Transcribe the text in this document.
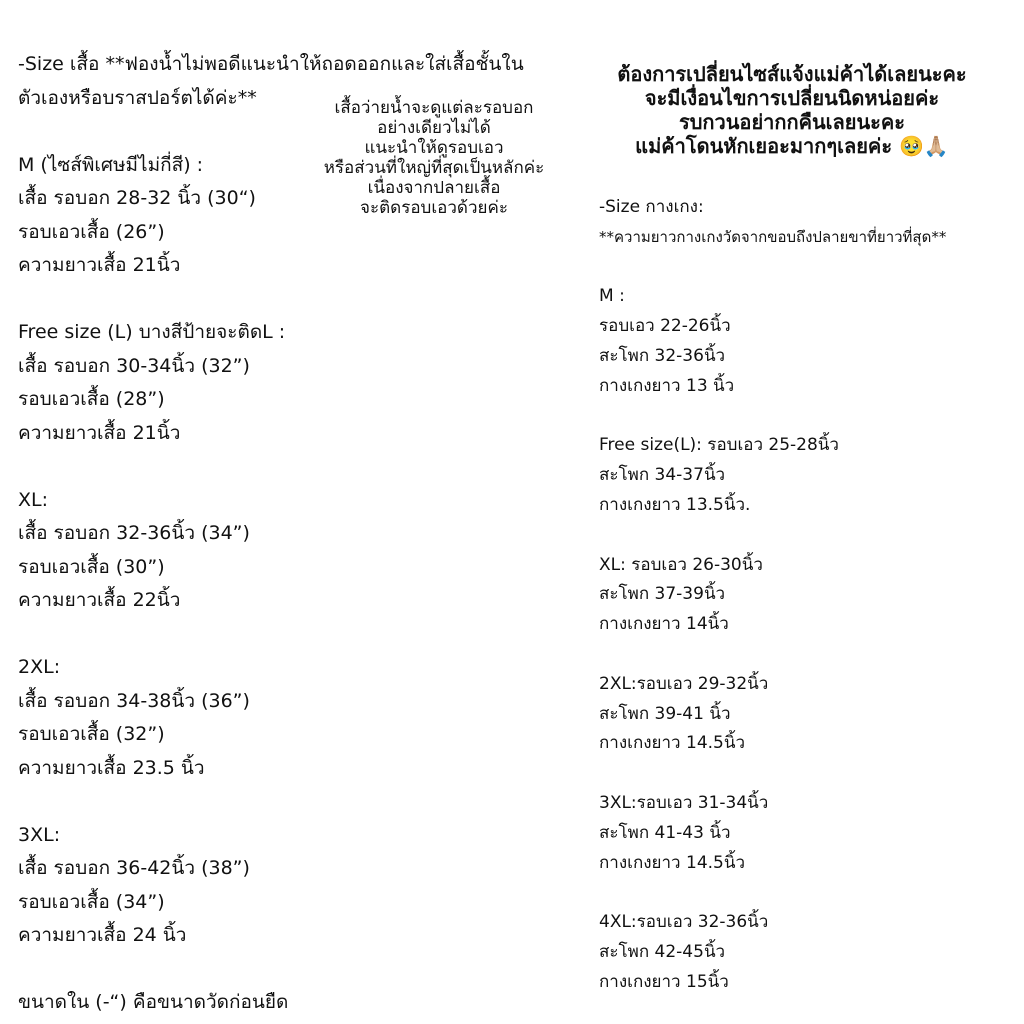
-Size เสื้อ **ฟองน้ำไม่พอดีแนะนำให้ถอดออกและใส่เสื้อชั้นใน
ตัวเองหรือบราสปอร์ตได้ค่ะ**
M (ไซส์พิเศษมีไม่กี่สี) :
เสื้อ รอบอก 28-32 นิ้ว (30“)
รอบเอวเสื้อ (26”)
ความยาวเสื้อ 21นิ้ว
Free size (L) บางสีป้ายจะติดL :
เสื้อ รอบอก 30-34นิ้ว (32”)
รอบเอวเสื้อ (28”)
ความยาวเสื้อ 21นิ้ว
XL:
เสื้อ รอบอก 32-36นิ้ว (34”)
รอบเอวเสื้อ (30”)
ความยาวเสื้อ 22นิ้ว
2XL:
เสื้อ รอบอก 34-38นิ้ว (36”)
รอบเอวเสื้อ (32”)
ความยาวเสื้อ 23.5 นิ้ว
3XL:
เสื้อ รอบอก 36-42นิ้ว (38”)
รอบเอวเสื้อ (34”)
ความยาวเสื้อ 24 นิ้ว
ขนาดใน (-“) คือขนาดวัดก่อนยืด
เสื้อว่ายน้ำจะดูแต่ละรอบอก
อย่างเดียวไม่ได้
แนะนำให้ดูรอบเอว
หรือส่วนที่ใหญ่ที่สุดเป็นหลักค่ะ
เนื่องจากปลายเสื้อ
จะติดรอบเอวด้วยค่ะ
ต้องการเปลี่ยนไซส์แจ้งแม่ค้าได้เลยนะคะ
จะมีเงื่อนไขการเปลี่ยนนิดหน่อยค่ะ
รบกวนอย่ากกคืนเลยนะคะ
แม่ค้าโดนหักเยอะมากๆเลยค่ะ 🥹🙏🏼
-Size กางเกง:
**ความยาวกางเกงวัดจากขอบถึงปลายขาที่ยาวที่สุด**
M :
รอบเอว 22-26นิ้ว
สะโพก 32-36นิ้ว
กางเกงยาว 13 นิ้ว
Free size(L): รอบเอว 25-28นิ้ว
สะโพก 34-37นิ้ว
กางเกงยาว 13.5นิ้ว.
XL: รอบเอว 26-30นิ้ว
สะโพก 37-39นิ้ว
กางเกงยาว 14นิ้ว
2XL:รอบเอว 29-32นิ้ว
สะโพก 39-41 นิ้ว
กางเกงยาว 14.5นิ้ว
3XL:รอบเอว 31-34นิ้ว
สะโพก 41-43 นิ้ว
กางเกงยาว 14.5นิ้ว
4XL:รอบเอว 32-36นิ้ว
สะโพก 42-45นิ้ว
กางเกงยาว 15นิ้ว
